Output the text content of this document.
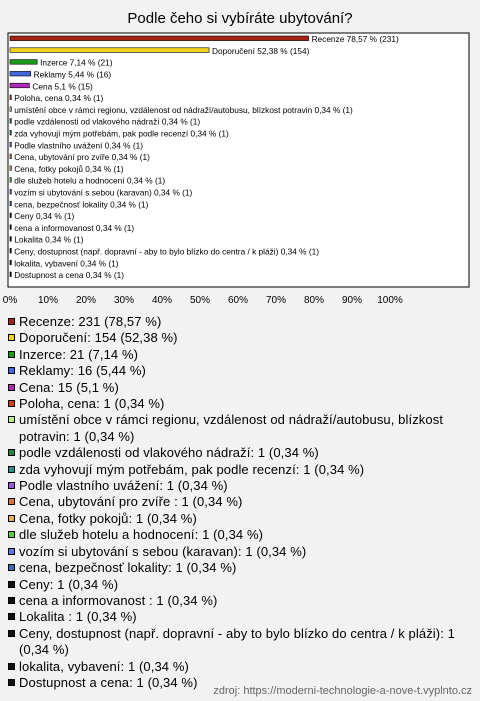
Podle čeho si vybíráte ubytování?
Recenze 78,57 % (231)
Doporučení 52,38 % (154)
Inzerce 7,14 % (21)
Reklamy 5,44 % (16)
Cena 5,1 % (15)
Poloha, cena 0,34 % (1)
umístění obce v rámci regionu, vzdálenost od nádraží/autobusu, blízkost potravin 0,34 % (1)
podle vzdálenosti od vlakového nádraží 0,34 % (1)
zda vyhovují mým potřebám, pak podle recenzí 0,34 % (1)
Podle vlastního uvážení 0,34 % (1)
Cena, ubytování pro zvíře 0,34 % (1)
Cena, fotky pokojů 0,34 % (1)
dle služeb hotelu a hodnocení 0,34 % (1)
vozím si ubytování s sebou (karavan) 0,34 % (1)
cena, bezpečnosť lokality 0,34 % (1)
Ceny 0,34 % (1)
cena a informovanost 0,34 % (1)
Lokalita 0,34 % (1)
Ceny, dostupnost (např. dopravní - aby to bylo blízko do centra / k pláži) 0,34 % (1)
lokalita, vybavení 0,34 % (1)
Dostupnost a cena 0,34 % (1)
0% 10% 20% 30% 40% 50% 60% 70% 80% 90% 100%
Recenze: 231 (78,57 %)
Doporučení: 154 (52,38 %)
Inzerce: 21 (7,14 %)
Reklamy: 16 (5,44 %)
Cena: 15 (5,1 %)
Poloha, cena: 1 (0,34 %)
umístění obce v rámci regionu, vzdálenost od nádraží/autobusu, blízkost potravin: 1 (0,34 %)
podle vzdálenosti od vlakového nádraží: 1 (0,34 %)
zda vyhovují mým potřebám, pak podle recenzí: 1 (0,34 %)
Podle vlastního uvážení: 1 (0,34 %)
Cena, ubytování pro zvíře : 1 (0,34 %)
Cena, fotky pokojů: 1 (0,34 %)
dle služeb hotelu a hodnocení: 1 (0,34 %)
vozím si ubytování s sebou (karavan): 1 (0,34 %)
cena, bezpečnosť lokality: 1 (0,34 %)
Ceny: 1 (0,34 %)
cena a informovanost : 1 (0,34 %)
Lokalita : 1 (0,34 %)
Ceny, dostupnost (např. dopravní - aby to bylo blízko do centra / k pláži): 1 (0,34 %)
lokalita, vybavení: 1 (0,34 %)
Dostupnost a cena: 1 (0,34 %)
zdroj: https://moderni-technologie-a-nove-t.vyplnto.cz
